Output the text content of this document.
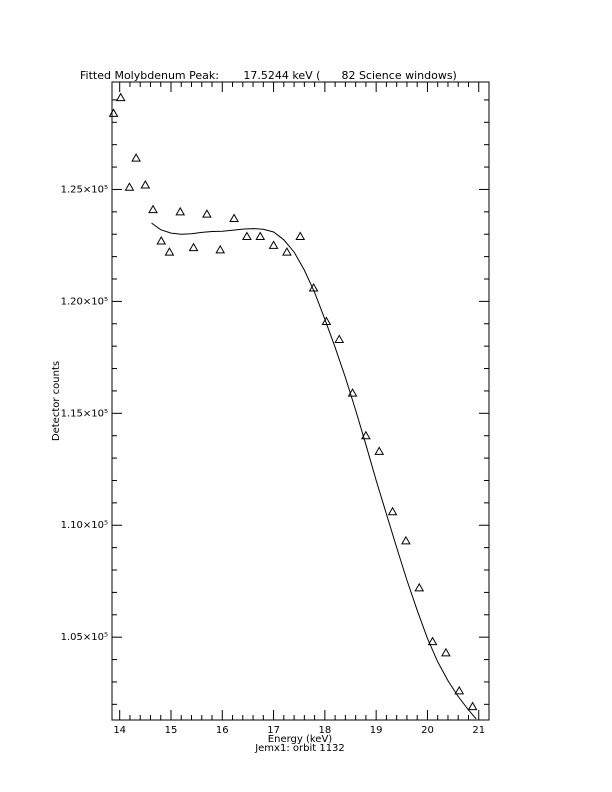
Fitted Molybdenum Peak:       17.5244 keV (      82 Science windows)
14	15	16	17	18	19	20	21
1.05×10⁵
1.10×10⁵
1.15×10⁵
1.20×10⁵
1.25×10⁵
Energy (keV)
Jemx1: orbit 1132
Detector counts
